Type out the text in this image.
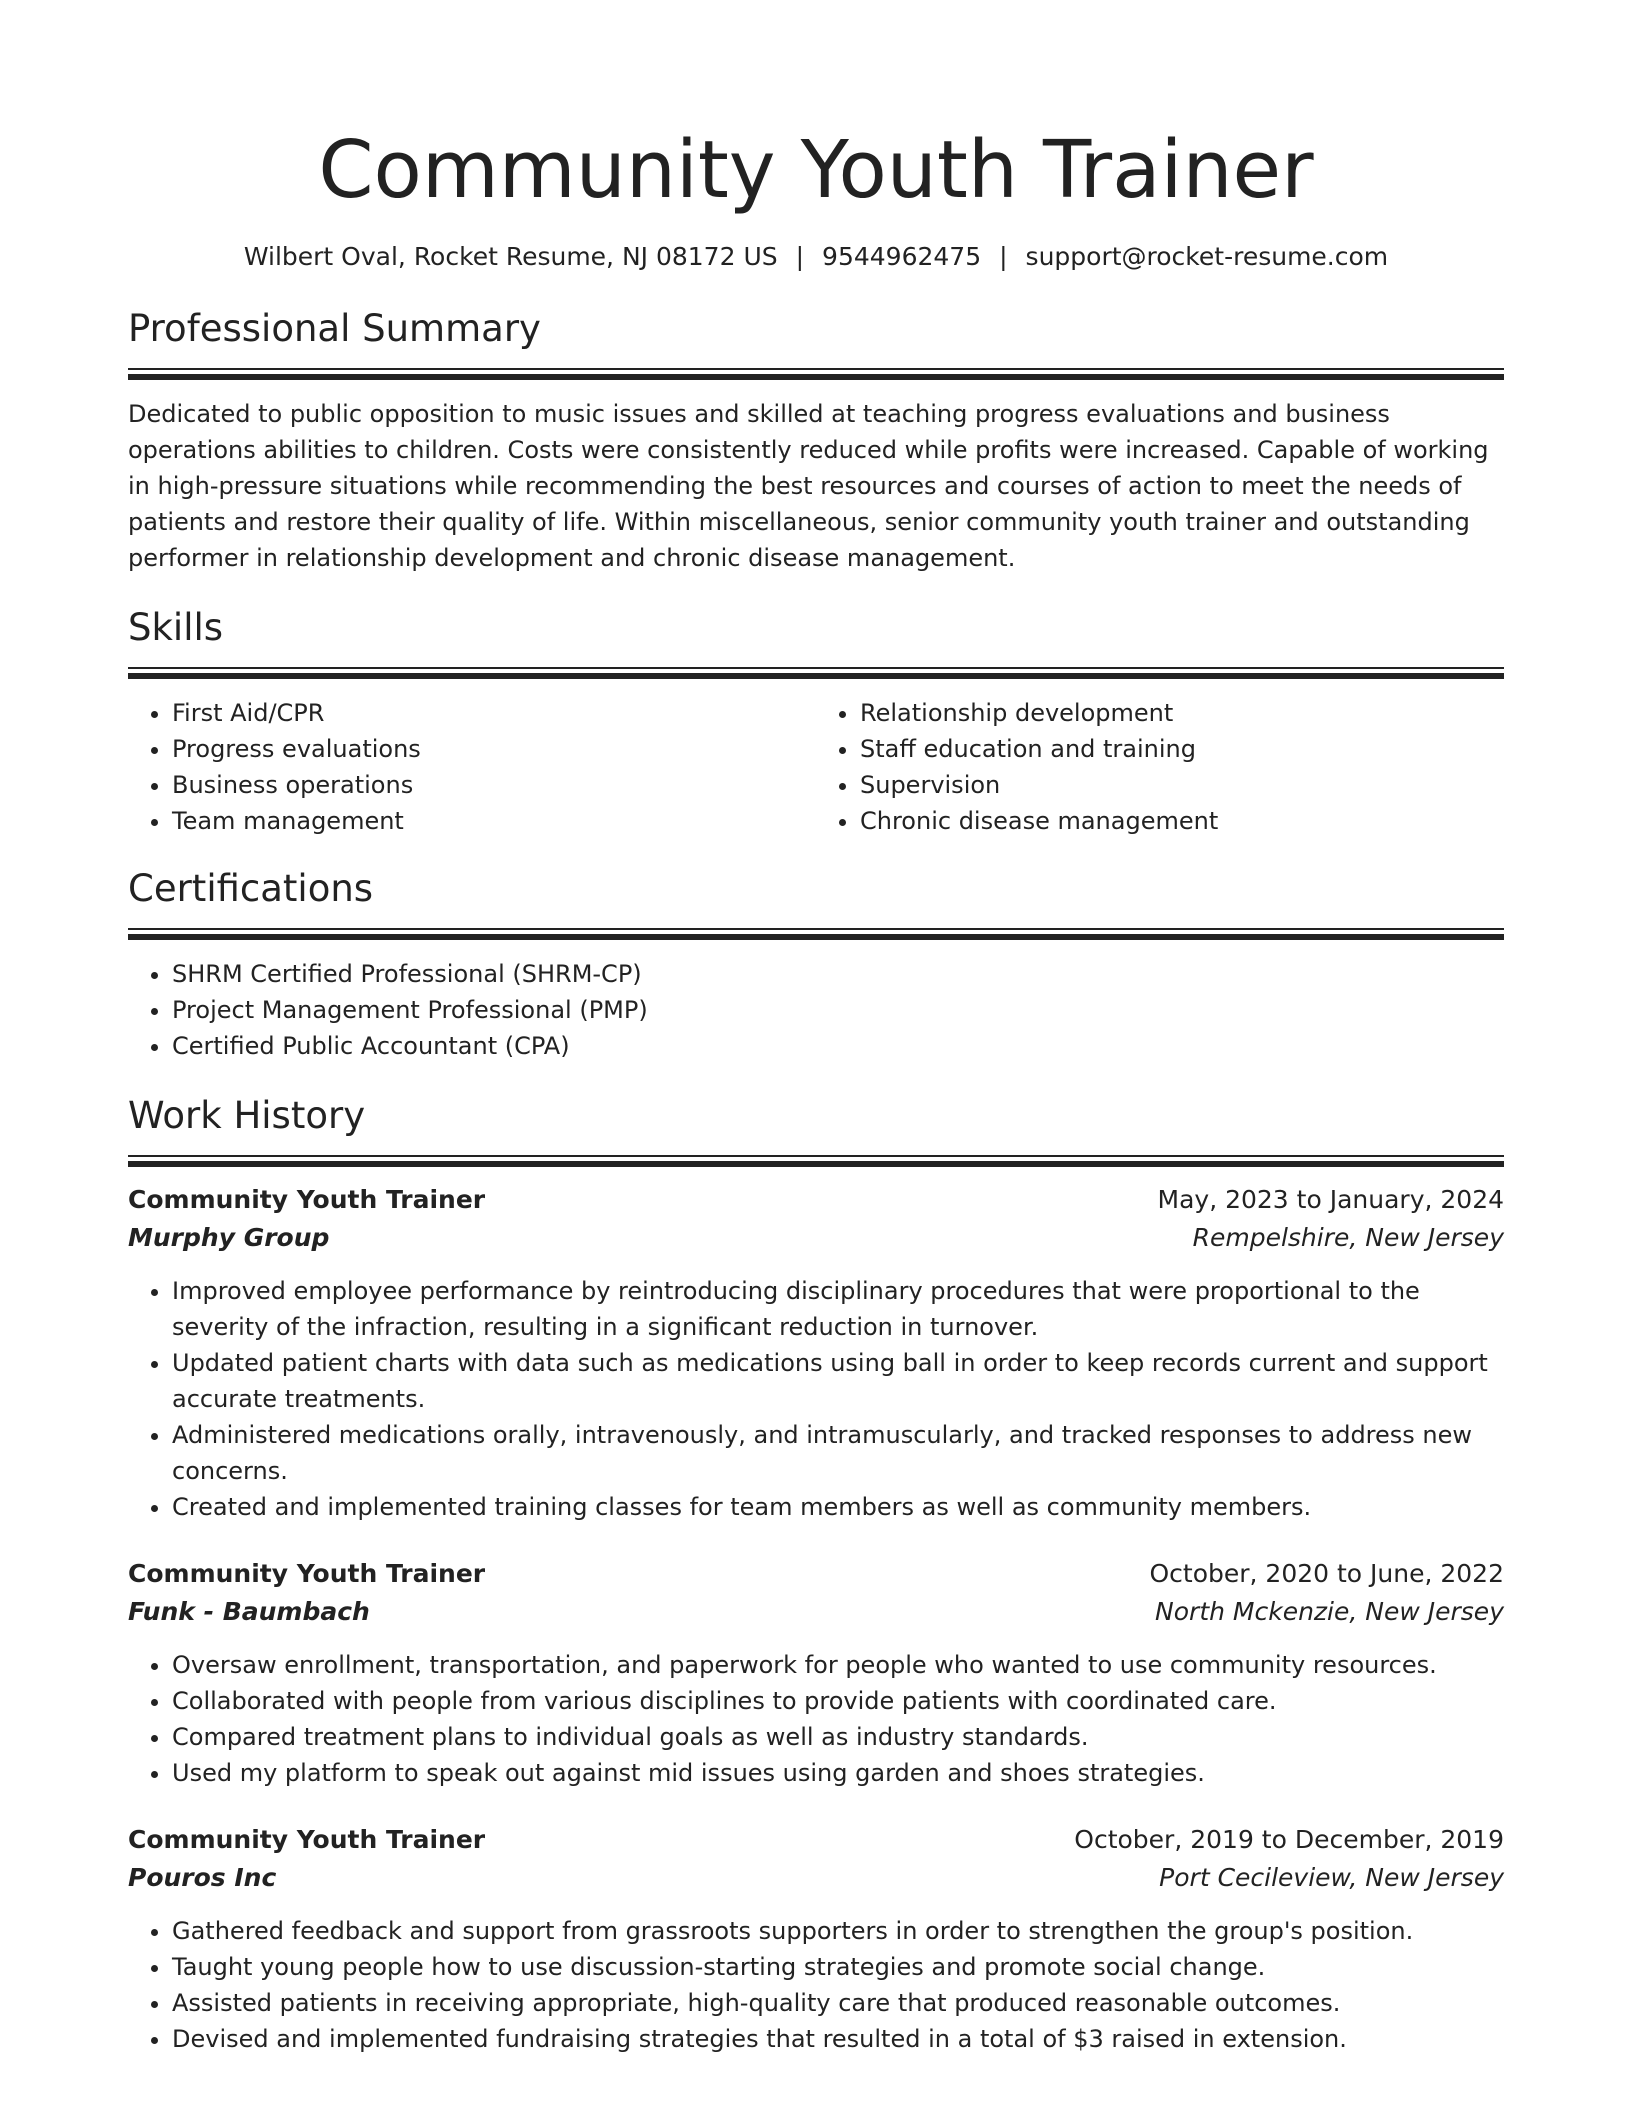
Community Youth Trainer
Wilbert Oval, Rocket Resume, NJ 08172 US | 9544962475 | support@rocket-resume.com
Professional Summary

Dedicated to public opposition to music issues and skilled at teaching progress evaluations and business operations abilities to children. Costs were consistently reduced while profits were increased. Capable of working in high-pressure situations while recommending the best resources and courses of action to meet the needs of patients and restore their quality of life. Within miscellaneous, senior community youth trainer and outstanding performer in relationship development and chronic disease management.

Skills
• First Aid/CPR
• Progress evaluations
• Business operations
• Team management
• Relationship development
• Staff education and training
• Supervision
• Chronic disease management
Certifications
• SHRM Certified Professional (SHRM-CP)
• Project Management Professional (PMP)
• Certified Public Accountant (CPA)
Work History
Community Youth Trainer	May, 2023 to January, 2024
Murphy Group	Rempelshire, New Jersey
• Improved employee performance by reintroducing disciplinary procedures that were proportional to the severity of the infraction, resulting in a significant reduction in turnover.
• Updated patient charts with data such as medications using ball in order to keep records current and support accurate treatments.
• Administered medications orally, intravenously, and intramuscularly, and tracked responses to address new concerns.
• Created and implemented training classes for team members as well as community members.
Community Youth Trainer	October, 2020 to June, 2022
Funk - Baumbach	North Mckenzie, New Jersey
• Oversaw enrollment, transportation, and paperwork for people who wanted to use community resources.
• Collaborated with people from various disciplines to provide patients with coordinated care.
• Compared treatment plans to individual goals as well as industry standards.
• Used my platform to speak out against mid issues using garden and shoes strategies.
Community Youth Trainer	October, 2019 to December, 2019
Pouros Inc	Port Cecileview, New Jersey
• Gathered feedback and support from grassroots supporters in order to strengthen the group's position.
• Taught young people how to use discussion-starting strategies and promote social change.
• Assisted patients in receiving appropriate, high-quality care that produced reasonable outcomes.
• Devised and implemented fundraising strategies that resulted in a total of $3 raised in extension.
